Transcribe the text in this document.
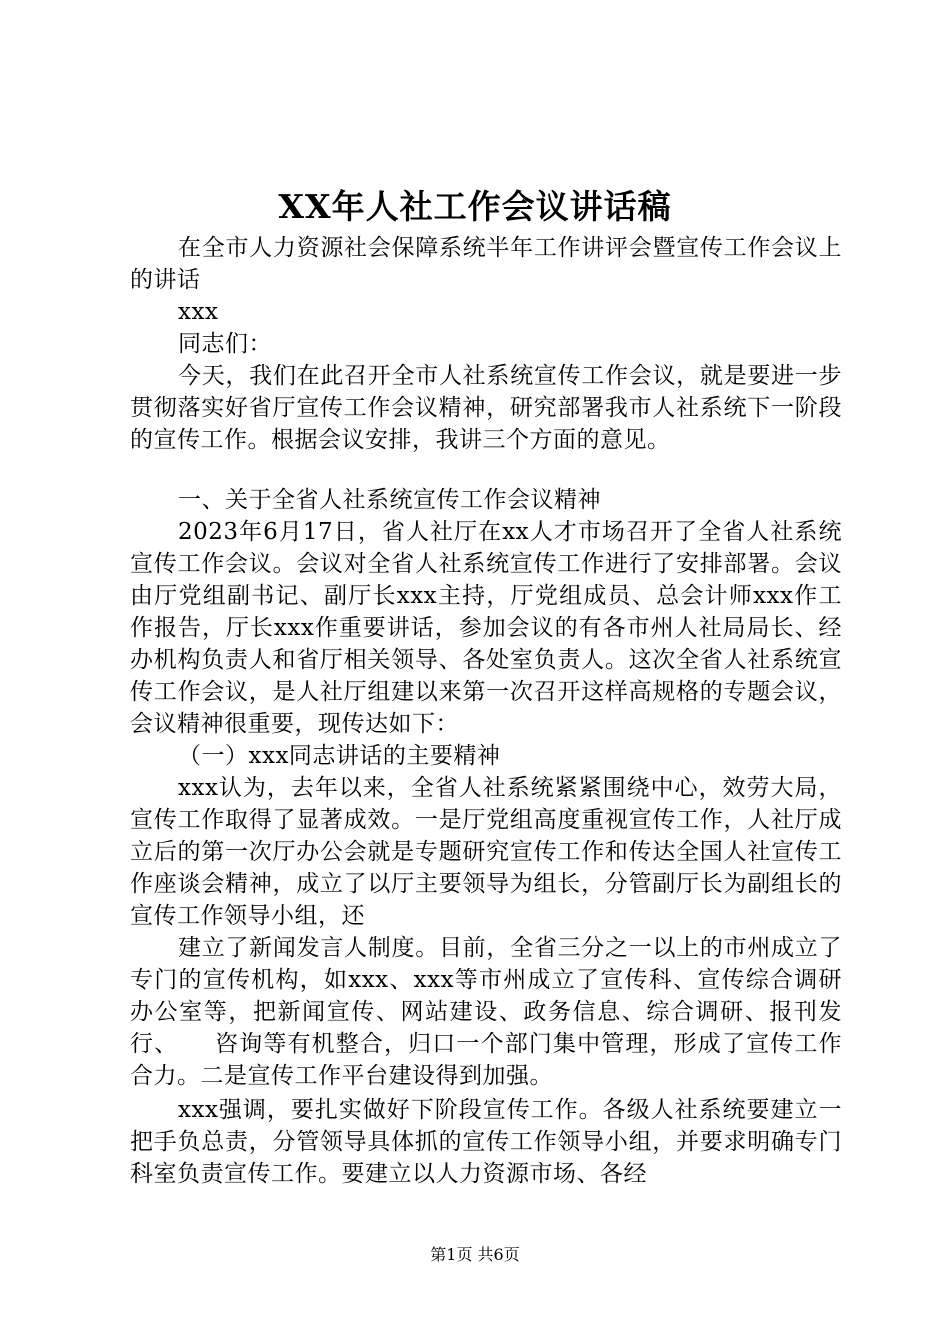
XX年人社工作会议讲话稿

在全市人力资源社会保障系统半年工作讲评会暨宣传工作会议上的讲话

xxx

同志们：

今天，我们在此召开全市人社系统宣传工作会议，就是要进一步贯彻落实好省厅宣传工作会议精神，研究部署我市人社系统下一阶段的宣传工作。根据会议安排，我讲三个方面的意见。

一、关于全省人社系统宣传工作会议精神

2023年6月17日，省人社厅在xx人才市场召开了全省人社系统宣传工作会议。会议对全省人社系统宣传工作进行了安排部署。会议由厅党组副书记、副厅长xxx主持，厅党组成员、总会计师xxx作工作报告，厅长xxx作重要讲话，参加会议的有各市州人社局局长、经办机构负责人和省厅相关领导、各处室负责人。这次全省人社系统宣传工作会议，是人社厅组建以来第一次召开这样高规格的专题会议，会议精神很重要，现传达如下：

（一）xxx同志讲话的主要精神

xxx认为，去年以来，全省人社系统紧紧围绕中心，效劳大局，宣传工作取得了显著成效。一是厅党组高度重视宣传工作，人社厅成立后的第一次厅办公会就是专题研究宣传工作和传达全国人社宣传工作座谈会精神，成立了以厅主要领导为组长，分管副厅长为副组长的宣传工作领导小组，还

建立了新闻发言人制度。目前，全省三分之一以上的市州成立了专门的宣传机构，如xxx、xxx等市州成立了宣传科、宣传综合调研办公室等，把新闻宣传、网站建设、政务信息、综合调研、报刊发行、　　咨询等有机整合，归口一个部门集中管理，形成了宣传工作合力。二是宣传工作平台建设得到加强。

xxx强调，要扎实做好下阶段宣传工作。各级人社系统要建立一把手负总责，分管领导具体抓的宣传工作领导小组，并要求明确专门科室负责宣传工作。要建立以人力资源市场、各经

第1页 共6页
